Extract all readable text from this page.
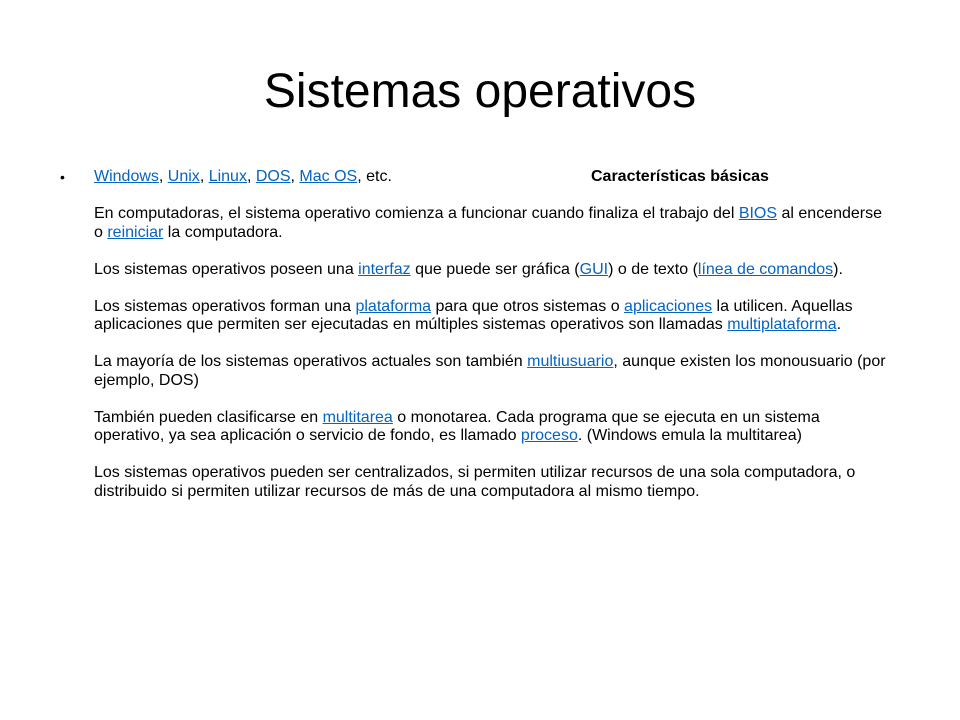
Sistemas operativos
• Windows, Unix, Linux, DOS, Mac OS, etc.	Características básicas

En computadoras, el sistema operativo comienza a funcionar cuando finaliza el trabajo del BIOS al encenderse o reiniciar la computadora.

Los sistemas operativos poseen una interfaz que puede ser gráfica (GUI) o de texto (línea de comandos).

Los sistemas operativos forman una plataforma para que otros sistemas o aplicaciones la utilicen. Aquellas aplicaciones que permiten ser ejecutadas en múltiples sistemas operativos son llamadas multiplataforma.

La mayoría de los sistemas operativos actuales son también multiusuario, aunque existen los monousuario (por ejemplo, DOS)

También pueden clasificarse en multitarea o monotarea. Cada programa que se ejecuta en un sistema operativo, ya sea aplicación o servicio de fondo, es llamado proceso. (Windows emula la multitarea)

Los sistemas operativos pueden ser centralizados, si permiten utilizar recursos de una sola computadora, o distribuido si permiten utilizar recursos de más de una computadora al mismo tiempo.
